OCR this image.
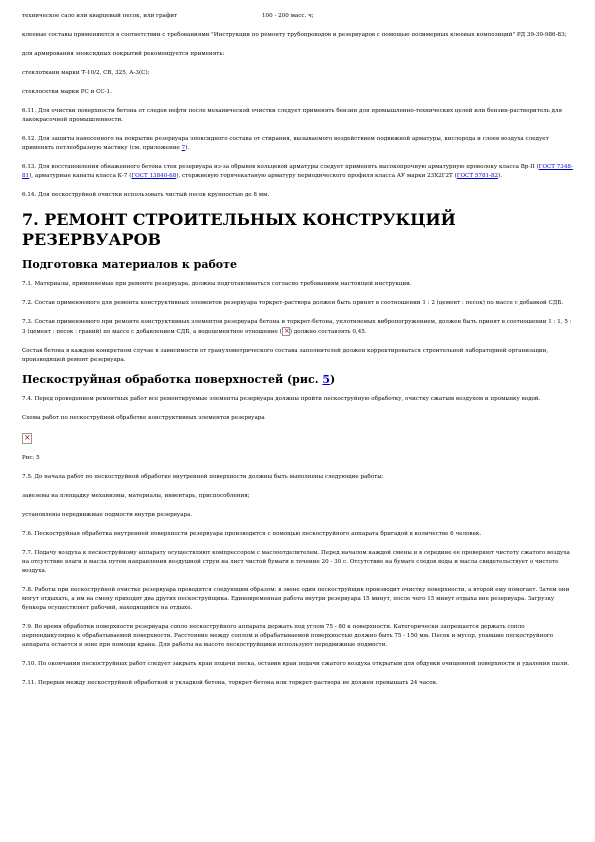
техническое сало или кварцевый песок, или графит	100 - 200 масс. ч;

клеевые составы применяются в соответствии с требованиями "Инструкции по ремонту трубопроводов и резервуаров с помощью полимерных клеевых композиций" РД 39-30-986-83;

для армирования эпоксидных покрытий рекомендуется применять:

стеклоткани марки Т-10/2, СВ, 325, А-3(С);

стеклосетки марки РС и СС-1.

6.11. Для очистки поверхности бетона от следов нефти после механической очистки следует применять бензин для промышленно-технических целей или бензин-растворитель для лакокрасочной промышленности.

6.12. Для защиты нанесенного на покрытие резервуара эпоксидного состава от стирания, вызываемого воздействием подвижной арматуры, кислорода и слоев воздуха следует применять петлеобразную мастику (см. приложение 7).

6.13. Для восстановления обнаженного бетона стен резервуара из-за обрывов кольцевой арматуры следует применять высокопрочную арматурную проволоку класса Вр-II (ГОСТ 7348-81), арматурные канаты класса К-7 (ГОСТ 13840-68), стержневую горячекатаную арматуру периодического профиля класса АУ марки 23Х2Г2Т (ГОСТ 5781-82).

6.14. Для пескоструйной очистки использовать чистый песок крупностью до 8 мм.

7. РЕМОНТ СТРОИТЕЛЬНЫХ КОНСТРУКЦИЙ РЕЗЕРВУАРОВ
Подготовка материалов к работе

7.1. Материалы, применяемые при ремонте резервуара, должны подготавливаться согласно требованиям настоящей инструкции.

7.2. Состав применяемого для ремонта конструктивных элементов резервуара торкрет-раствора должен быть принят в соотношении 1 : 2 (цемент : песок) по массе с добавкой СДБ.

7.3. Состав применяемого при ремонте конструктивных элементов резервуара бетона и торкрет-бетона, уплотняемых вибропогружением, должен быть принят в соотношении 1 : 1, 5 : 3 (цемент : песок : гравий) по массе с добавлением СДБ, а водоцементное отношение (× ) должно составлять 0,45.

Состав бетона в каждом конкретном случае в зависимости от гранулометрического состава заполнителей должен корректироваться строительной лабораторией организации, производящей ремонт резервуара.

Пескоструйная обработка поверхностей (рис. 5)

7.4. Перед проведением ремонтных работ все ремонтируемые элементы резервуара должны пройти пескоструйную обработку, очистку сжатым воздухом и промывку водой.

Схема работ по пескоструйной обработке конструктивных элементов резервуара

×

Рис. 5

7.5. До начала работ по пескоструйной обработке внутренней поверхности должны быть выполнены следующие работы:

завезены на площадку механизмы, материалы, инвентарь, приспособления;

установлены передвижные подмости внутри резервуара.

7.6. Пескоструйная обработка внутренней поверхности резервуара производится с помощью пескоструйного аппарата бригадой в количестве 6 человек.

7.7. Подачу воздуха к пескоструйному аппарату осуществляют компрессором с маслоотделителем. Перед началом каждой смены и в середине ее проверяют чистоту сжатого воздуха на отсутствие влаги и масла путем направления воздушной струи на лист чистой бумаги в течение 20 - 30 с. Отсутствие на бумаге следов воды и масла свидетельствует о чистоте воздуха.

7.8. Работы при пескоструйной очистке резервуара проводятся следующим образом: в звене один пескоструйщик производит очистку поверхности, а второй ему помогает. Затем они могут отдыхать, а им на смену приходят два других пескоструйщика. Единовременная работа внутри резервуара 15 минут, после чего 15 минут отдыха вне резервуара. Загрузку бункера осуществляет рабочий, находящийся на отдыхе.

7.9. Во время обработки поверхности резервуара сопло пескоструйного аппарата держать под углом 75 - 80 к поверхности. Категорически запрещается держать сопло перпендикулярно к обрабатываемой поверхности. Расстояние между соплом и обрабатываемой поверхностью должно быть 75 - 150 мм. Песок и мусор, упавшие пескоструйного аппарата остается в зоне при помощи крана. Для работы на высоте пескоструйщики используют передвижные подмости.

7.10. По окончании пескоструйных работ следует закрыть кран подачи песка, оставив кран подачи сжатого воздуха открытым для обдувки очищенной поверхности и удаления пыли.

7.11. Перерыв между пескоструйной обработкой и укладкой бетона, торкрет-бетона или торкрет-раствора не должен превышать 24 часов.
